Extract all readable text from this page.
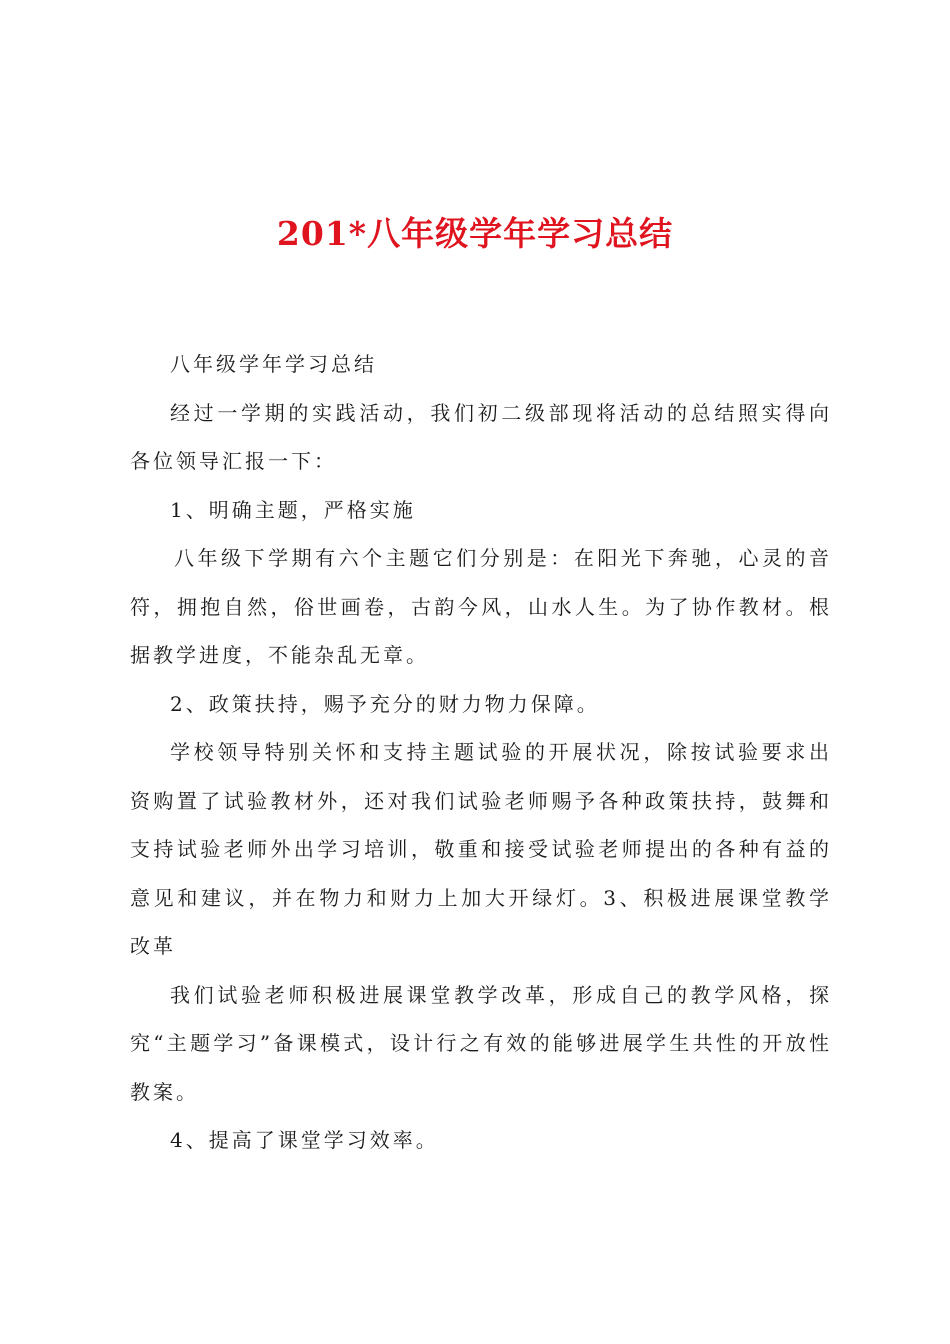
201*八年级学年学习总结

八年级学年学习总结

经过一学期的实践活动，我们初二级部现将活动的总结照实得向各位领导汇报一下：

1、明确主题，严格实施

八年级下学期有六个主题它们分别是：在阳光下奔驰，心灵的音符，拥抱自然，俗世画卷，古韵今风，山水人生。为了协作教材。根据教学进度，不能杂乱无章。

2、政策扶持，赐予充分的财力物力保障。

学校领导特别关怀和支持主题试验的开展状况，除按试验要求出资购置了试验教材外，还对我们试验老师赐予各种政策扶持，鼓舞和支持试验老师外出学习培训，敬重和接受试验老师提出的各种有益的意见和建议，并在物力和财力上加大开绿灯。3、积极进展课堂教学改革

我们试验老师积极进展课堂教学改革，形成自己的教学风格，探究“主题学习”备课模式，设计行之有效的能够进展学生共性的开放性教案。

4、提高了课堂学习效率。
